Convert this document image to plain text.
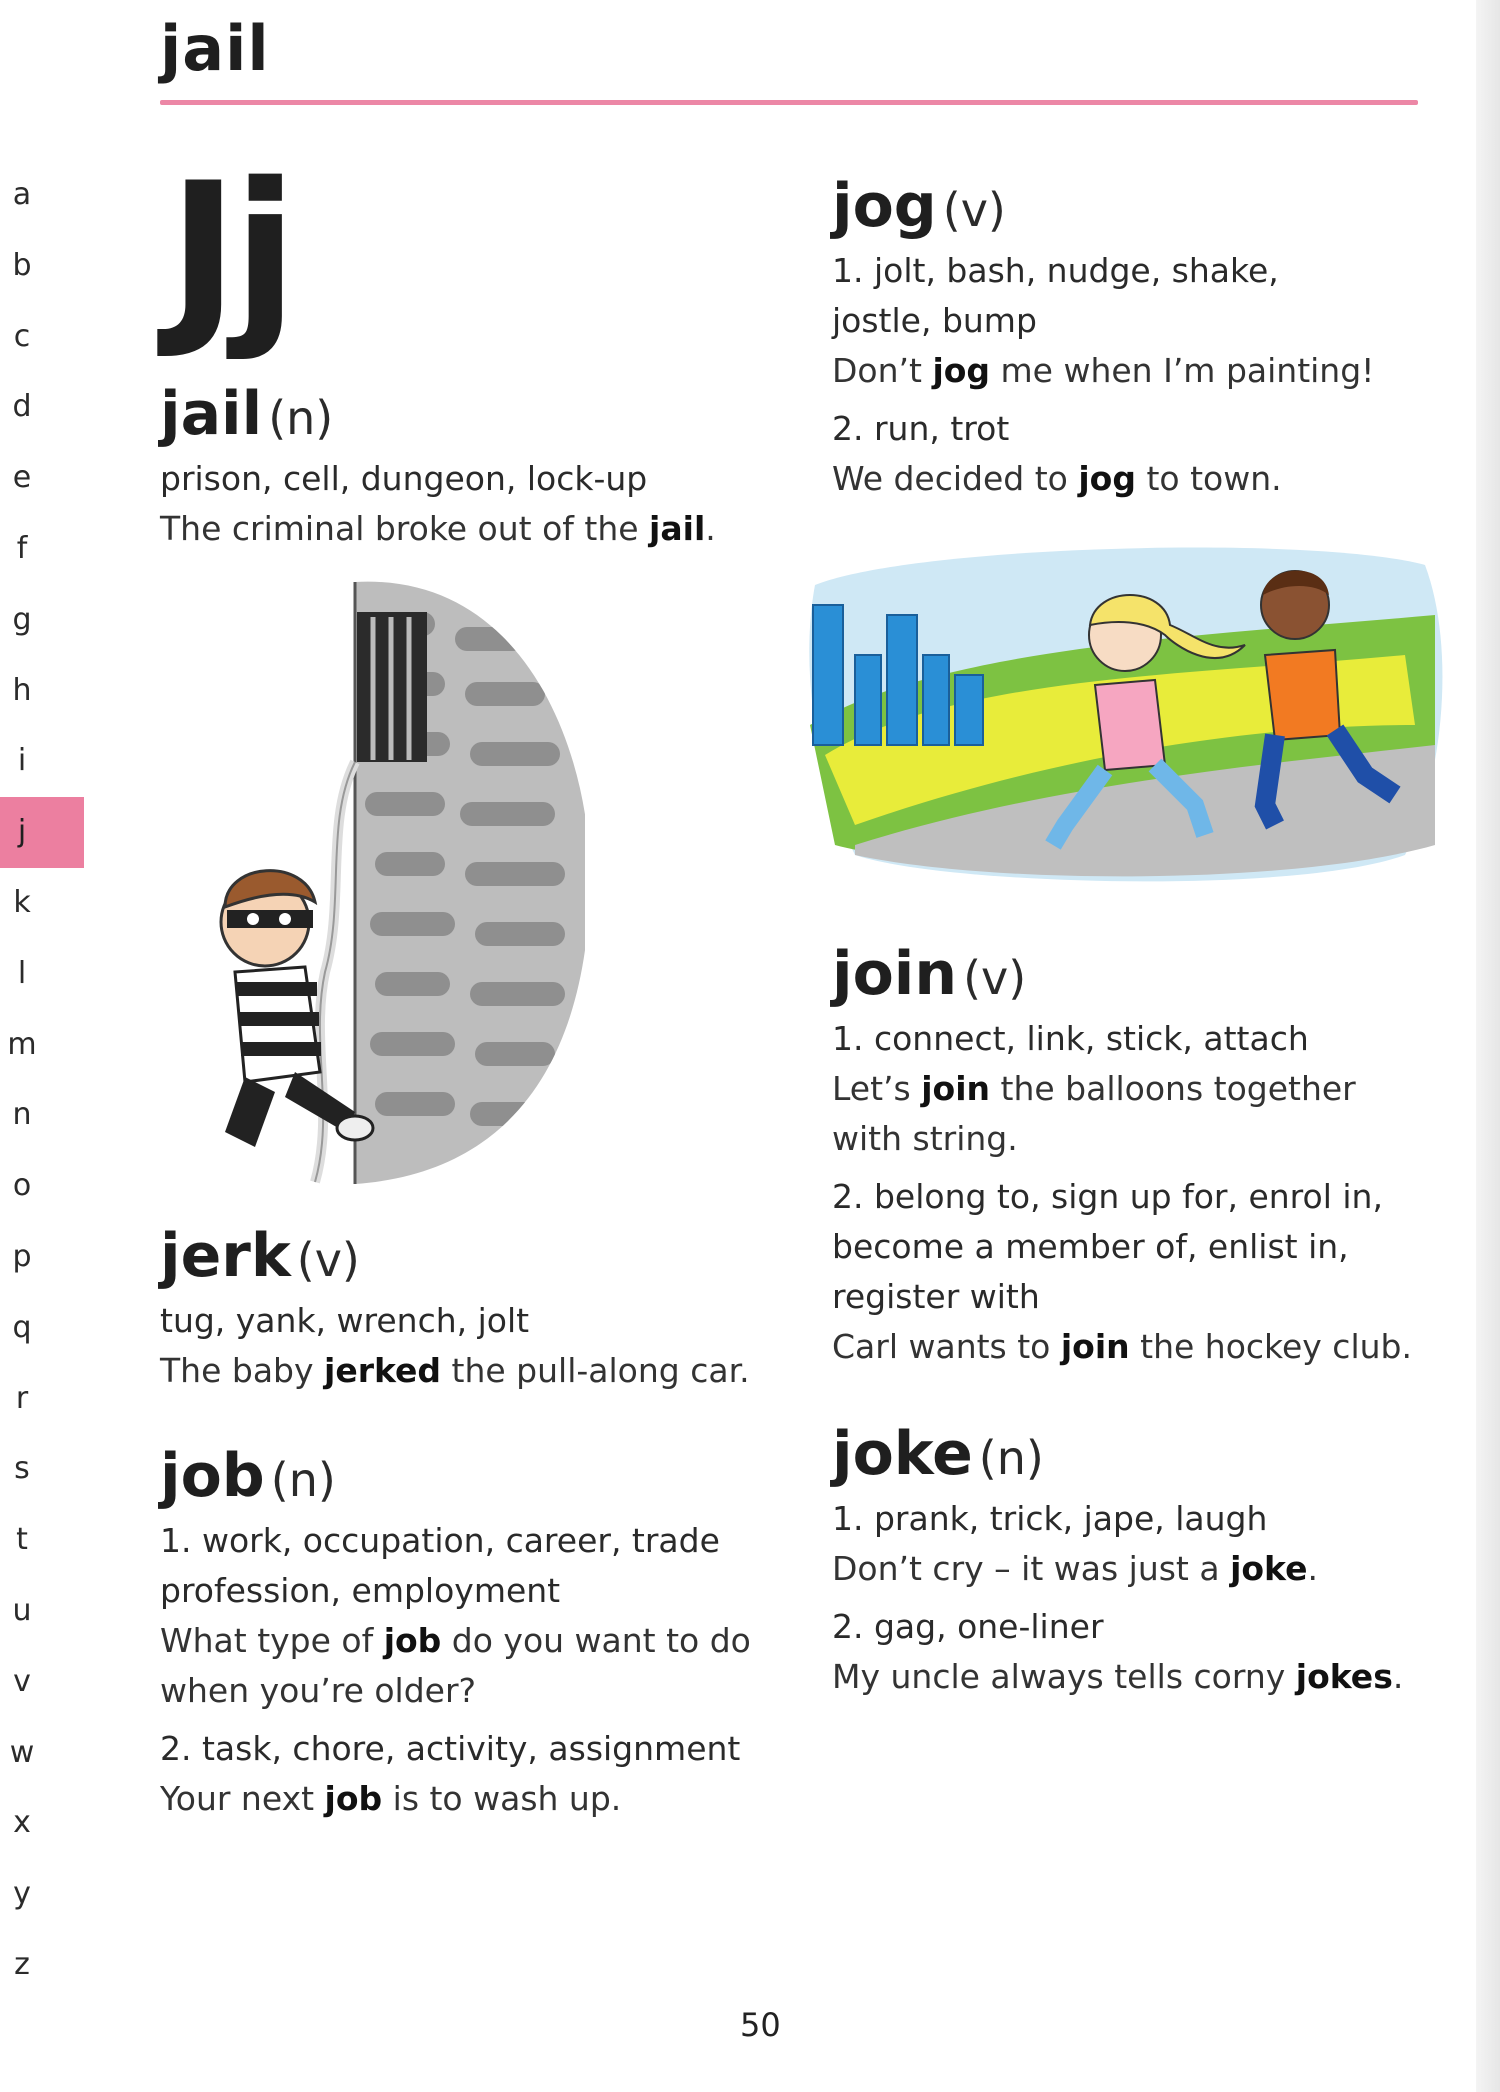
jail
a
b
c
d
e
f
g
h
i
j
k
l
m
n
o
p
q
r
s
t
u
v
w
x
y
z
Jj
jail (n)
prison, cell, dungeon, lock-up
The criminal broke out of the jail.
jerk (v)
tug, yank, wrench, jolt
The baby jerked the pull-along car.
job (n)
1. work, occupation, career, trade
profession, employment
What type of job do you want to do
when you’re older?
2. task, chore, activity, assignment
Your next job is to wash up.
jog (v)
1. jolt, bash, nudge, shake,
jostle, bump
Don’t jog me when I’m painting!
2. run, trot
We decided to jog to town.
join (v)
1. connect, link, stick, attach
Let’s join the balloons together
with string.
2. belong to, sign up for, enrol in,
become a member of, enlist in,
register with
Carl wants to join the hockey club.
joke (n)
1. prank, trick, jape, laugh
Don’t cry – it was just a joke.
2. gag, one-liner
My uncle always tells corny jokes.
50
